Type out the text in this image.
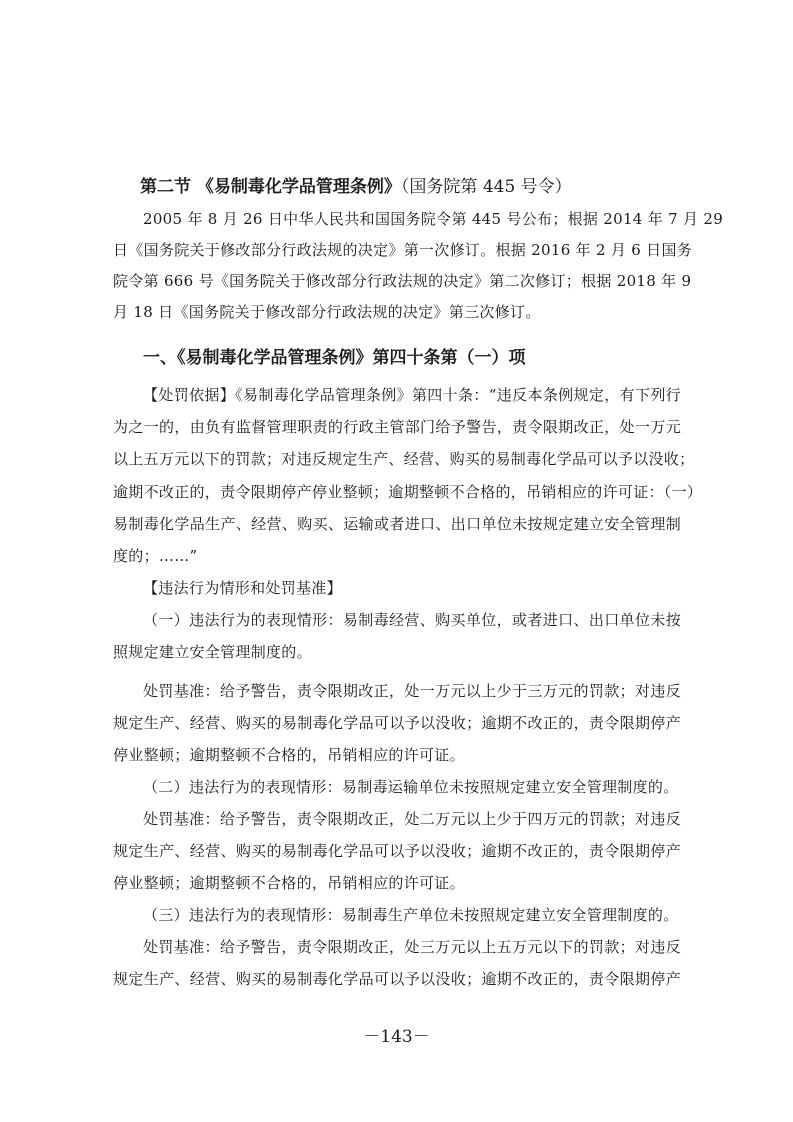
第二节 《易制毒化学品管理条例》（国务院第 445 号令）
2005 年 8 月 26 日中华人民共和国国务院令第 445 号公布；根据 2014 年 7 月 29
日《国务院关于修改部分行政法规的决定》第一次修订。根据 2016 年 2 月 6 日国务
院令第 666 号《国务院关于修改部分行政法规的决定》第二次修订；根据 2018 年 9
月 18 日《国务院关于修改部分行政法规的决定》第三次修订。
一、《易制毒化学品管理条例》第四十条第（一）项
【处罚依据】《易制毒化学品管理条例》第四十条：“违反本条例规定，有下列行
为之一的，由负有监督管理职责的行政主管部门给予警告，责令限期改正，处一万元
以上五万元以下的罚款；对违反规定生产、经营、购买的易制毒化学品可以予以没收；
逾期不改正的，责令限期停产停业整顿；逾期整顿不合格的，吊销相应的许可证：（一）
易制毒化学品生产、经营、购买、运输或者进口、出口单位未按规定建立安全管理制
度的；……”
【违法行为情形和处罚基准】
（一）违法行为的表现情形：易制毒经营、购买单位，或者进口、出口单位未按
照规定建立安全管理制度的。
处罚基准：给予警告，责令限期改正，处一万元以上少于三万元的罚款；对违反
规定生产、经营、购买的易制毒化学品可以予以没收；逾期不改正的，责令限期停产
停业整顿；逾期整顿不合格的，吊销相应的许可证。
（二）违法行为的表现情形：易制毒运输单位未按照规定建立安全管理制度的。
处罚基准：给予警告，责令限期改正，处二万元以上少于四万元的罚款；对违反
规定生产、经营、购买的易制毒化学品可以予以没收；逾期不改正的，责令限期停产
停业整顿；逾期整顿不合格的，吊销相应的许可证。
（三）违法行为的表现情形：易制毒生产单位未按照规定建立安全管理制度的。
处罚基准：给予警告，责令限期改正，处三万元以上五万元以下的罚款；对违反
规定生产、经营、购买的易制毒化学品可以予以没收；逾期不改正的，责令限期停产
－143－
